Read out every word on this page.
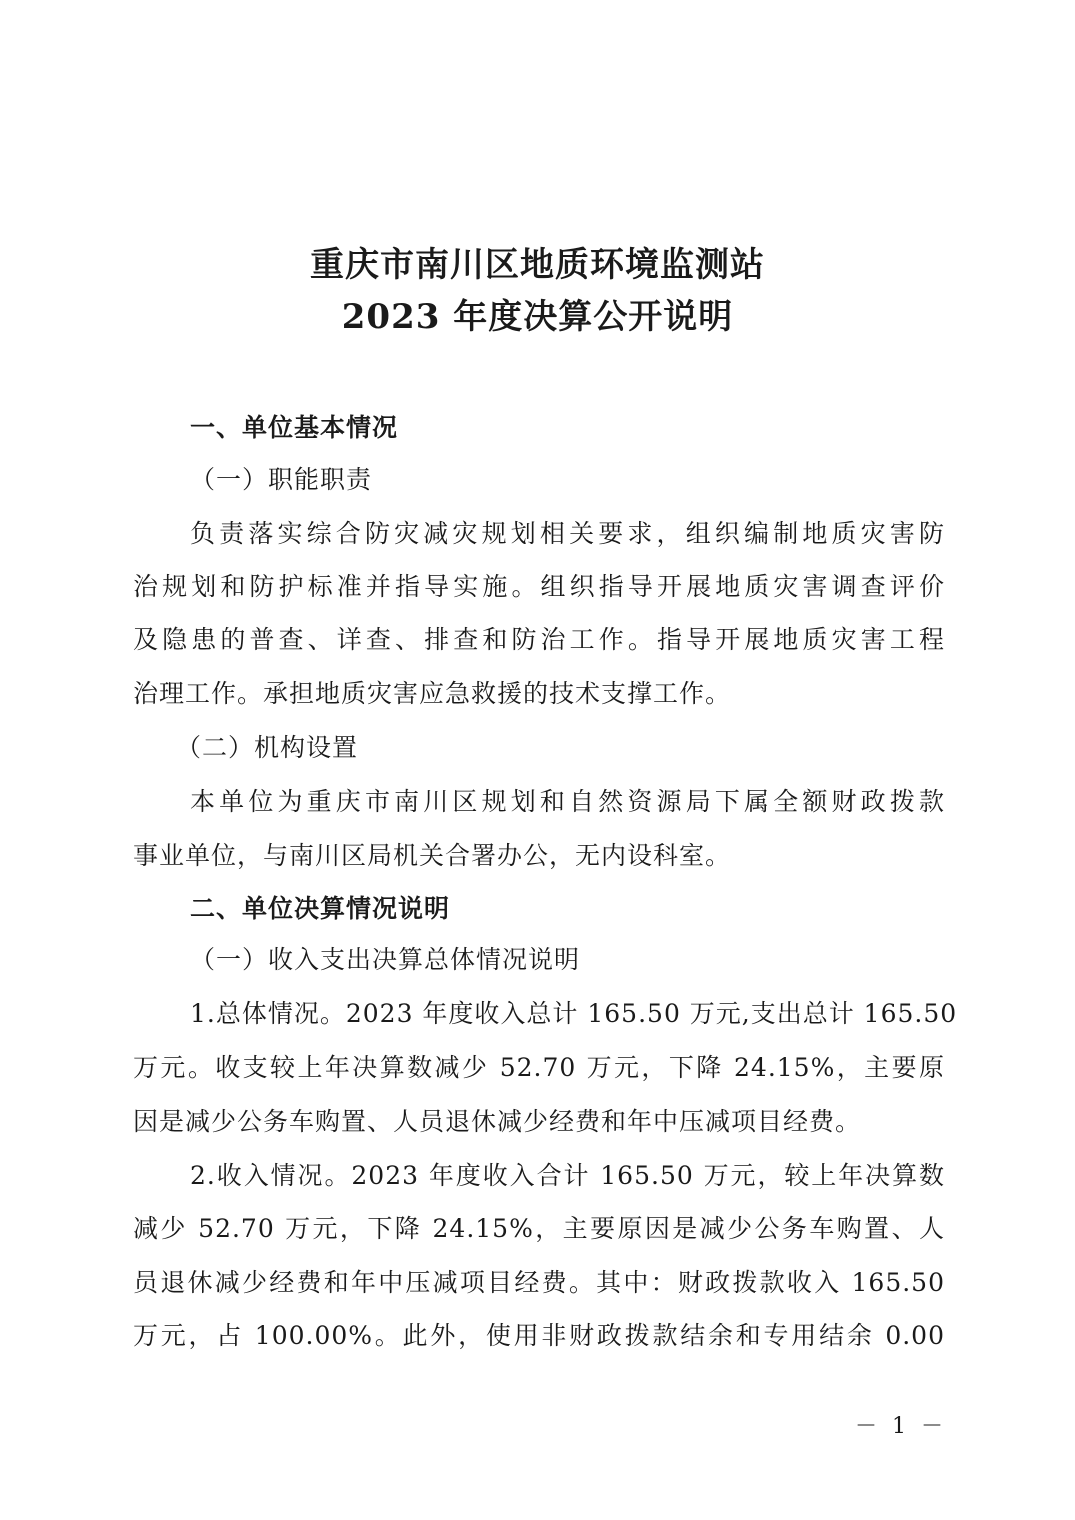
重庆市南川区地质环境监测站
2023 年度决算公开说明
一、单位基本情况
（一）职能职责
负责落实综合防灾减灾规划相关要求，组织编制地质灾害防
治规划和防护标准并指导实施。组织指导开展地质灾害调查评价
及隐患的普查、详查、排查和防治工作。指导开展地质灾害工程
治理工作。承担地质灾害应急救援的技术支撑工作。
（二）机构设置
本单位为重庆市南川区规划和自然资源局下属全额财政拨款
事业单位，与南川区局机关合署办公，无内设科室。
二、单位决算情况说明
（一）收入支出决算总体情况说明
1.总体情况。2023 年度收入总计 165.50 万元,支出总计 165.50
万元。收支较上年决算数减少 52.70 万元，下降 24.15%，主要原
因是减少公务车购置、人员退休减少经费和年中压减项目经费。
2.收入情况。2023 年度收入合计 165.50 万元，较上年决算数
减少 52.70 万元，下降 24.15%，主要原因是减少公务车购置、人
员退休减少经费和年中压减项目经费。其中：财政拨款收入 165.50
万元，占 100.00%。此外，使用非财政拨款结余和专用结余 0.00
－ 1 －
